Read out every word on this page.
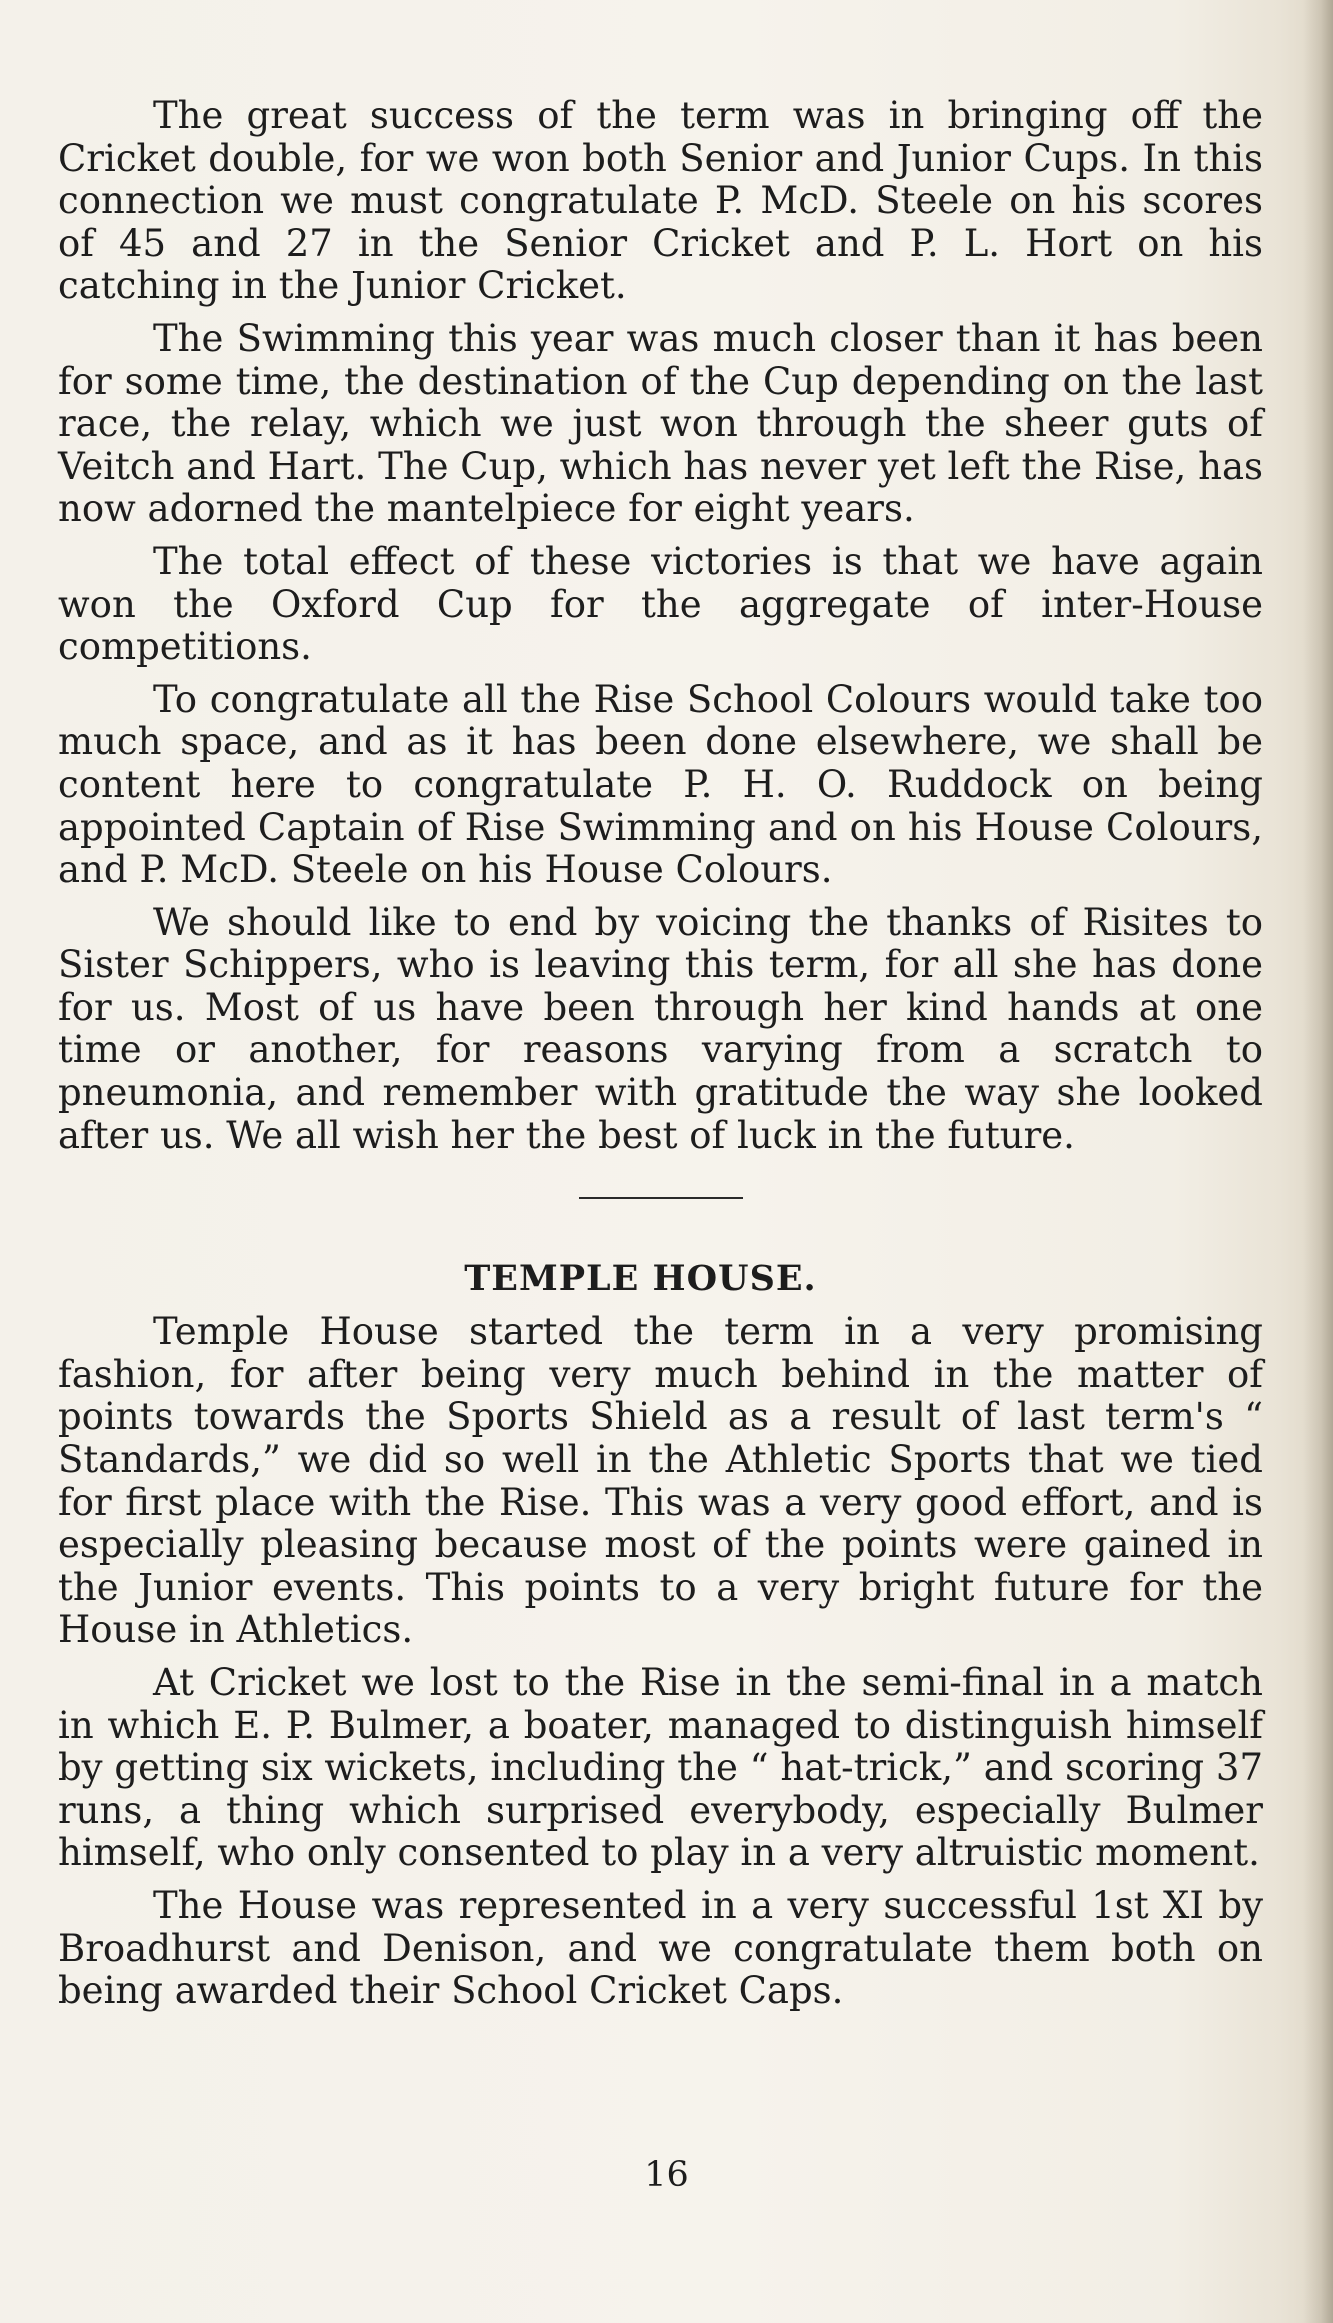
The great success of the term was in bringing off the Cricket double, for we won both Senior and Junior Cups. In this connection we must congratulate P. McD. Steele on his scores of 45 and 27 in the Senior Cricket and P. L. Hort on his catching in the Junior Cricket.

The Swimming this year was much closer than it has been for some time, the destination of the Cup depending on the last race, the relay, which we just won through the sheer guts of Veitch and Hart. The Cup, which has never yet left the Rise, has now adorned the mantelpiece for eight years.

The total effect of these victories is that we have again won the Oxford Cup for the aggregate of inter-House competitions.

To congratulate all the Rise School Colours would take too much space, and as it has been done elsewhere, we shall be content here to congratulate P. H. O. Ruddock on being appointed Captain of Rise Swimming and on his House Colours, and P. McD. Steele on his House Colours.

We should like to end by voicing the thanks of Risites to Sister Schippers, who is leaving this term, for all she has done for us. Most of us have been through her kind hands at one time or another, for reasons varying from a scratch to pneumonia, and remember with gratitude the way she looked after us. We all wish her the best of luck in the future.

TEMPLE HOUSE.

Temple House started the term in a very promising fashion, for after being very much behind in the matter of points towards the Sports Shield as a result of last term's “ Standards,” we did so well in the Athletic Sports that we tied for first place with the Rise. This was a very good effort, and is especially pleasing because most of the points were gained in the Junior events. This points to a very bright future for the House in Athletics.

At Cricket we lost to the Rise in the semi-final in a match in which E. P. Bulmer, a boater, managed to distinguish himself by getting six wickets, including the “ hat-trick,” and scoring 37 runs, a thing which surprised everybody, especially Bulmer himself, who only consented to play in a very altruistic moment.

The House was represented in a very successful 1st XI by Broadhurst and Denison, and we congratulate them both on being awarded their School Cricket Caps.

16
